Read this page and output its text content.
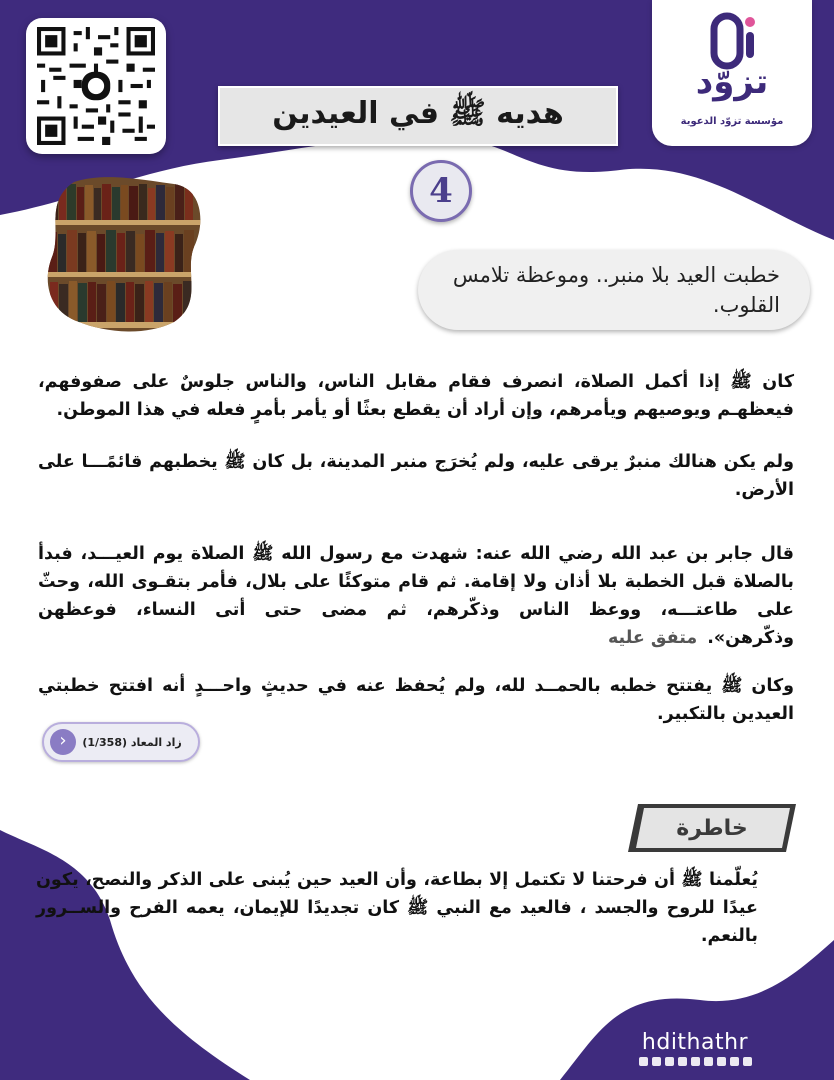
تزوّد
مؤسسة تزوّد الدعوية
هديه ﷺ في العيدين
4
خطبت العيد بلا منبر.. وموعظة تلامس القلوب.
كان ﷺ إذا أكمل الصلاة، انصرف فقام مقابل الناس، والناس جلوسٌ على صفوفهم، فيعظهـم ويوصيهم ويأمرهم، وإن أراد أن يقطع بعثًا أو يأمر بأمرٍ فعله في هذا الموطن.
ولم يكن هنالك منبرٌ يرقى عليه، ولم يُخرَج منبر المدينة، بل كان ﷺ يخطبهم قائمًـــا على الأرض.
قال جابر بن عبد الله رضي الله عنه: شهدت مع رسول الله ﷺ الصلاة يوم العيـــد، فبدأ بالصلاة قبل الخطبة بلا أذان ولا إقامة. ثم قام متوكئًا على بلال، فأمر بتقـوى الله، وحثّ على طاعتـــه، ووعظ الناس وذكّرهم، ثم مضى حتى أتى النساء، فوعظهن وذكّرهن».متفق عليه
وكان ﷺ يفتتح خطبه بالحمــد لله، ولم يُحفظ عنه في حديثٍ واحـــدٍ أنه افتتح خطبتي العيدين بالتكبير.
زاد المعاد (1/358)
‹
خاطرة
يُعلّمنا ﷺ أن فرحتنا لا تكتمل إلا بطاعة، وأن العيد حين يُبنى على الذكر والنصح، يكون عيدًا للروح والجسد ، فالعيد مع النبي ﷺ كان تجديدًا للإيمان، يعمه الفرح والســرور بالنعم.
hdithathr
